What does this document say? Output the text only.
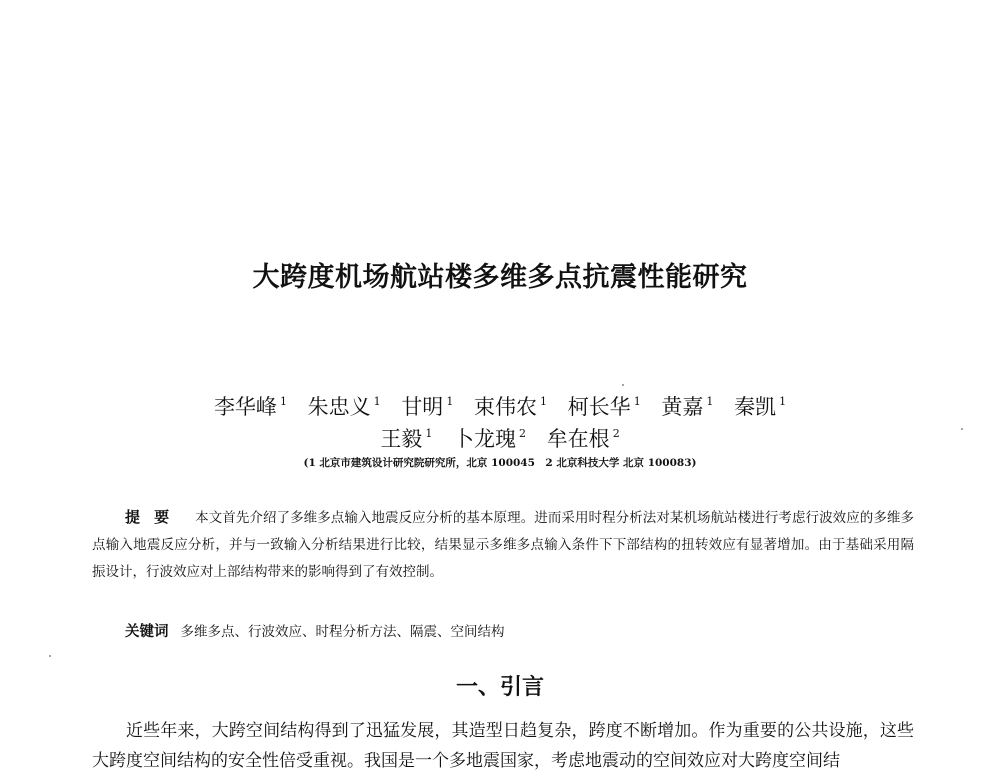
大跨度机场航站楼多维多点抗震性能研究
李华峰 $^1$ 朱忠义 $^1$ 甘明 $^1$ 束伟农 $^1$ 柯长华 $^1$ 黄嘉 $^1$ 秦凯 $^1$
王毅 $^1$ 卜龙瑰 $^2$ 牟在根 $^2$
(1 北京市建筑设计研究院研究所，北京 100045　2 北京科技大学 北京 100083)

提要 本文首先介绍了多维多点输入地震反应分析的基本原理。进而采用时程分析法对某机场航站楼进行考虑行波效应的多维多点输入地震反应分析，并与一致输入分析结果进行比较，结果显示多维多点输入条件下下部结构的扭转效应有显著增加。由于基础采用隔振设计，行波效应对上部结构带来的影响得到了有效控制。

关键词 多维多点、行波效应、时程分析方法、隔震、空间结构

一、引言

近些年来，大跨空间结构得到了迅猛发展，其造型日趋复杂，跨度不断增加。作为重要的公共设施，这些大跨度空间结构的安全性倍受重视。我国是一个多地震国家，考虑地震动的空间效应对大跨度空间结
